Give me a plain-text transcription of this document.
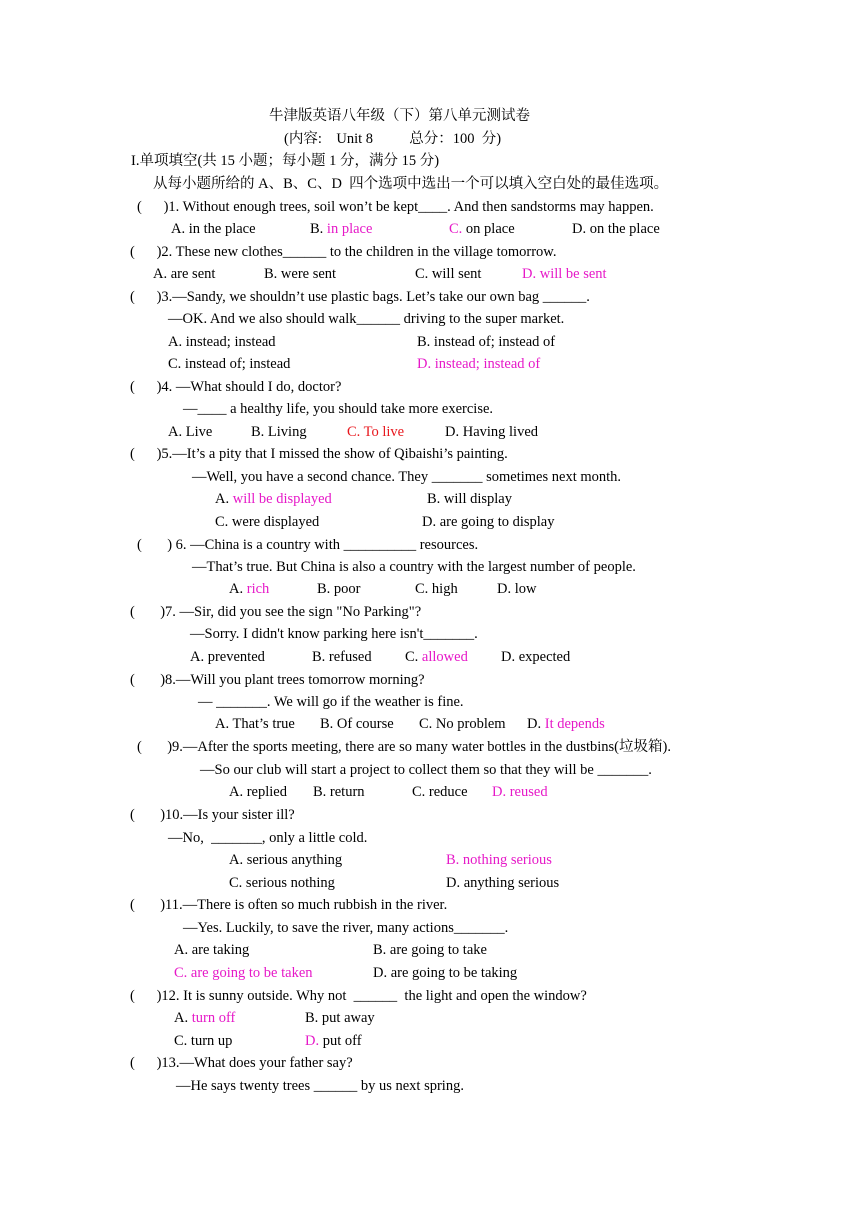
牛津版英语八年级（下）第八单元测试卷
(内容:    Unit 8          总分：100  分)
I.单项填空(共 15 小题；每小题 1 分，满分 15 分)
从每小题所给的 A、B、C、D  四个选项中选出一个可以填入空白处的最佳选项。
(      )1. Without enough trees, soil won’t be kept____. And then sandstorms may happen.
A. in the place	B. in place	C. on place	D. on the place
(      )2. These new clothes______ to the children in the village tomorrow.
A. are sent	B. were sent	C. will sent	D. will be sent
(      )3.—Sandy, we shouldn’t use plastic bags. Let’s take our own bag ______.
—OK. And we also should walk______ driving to the super market.
A. instead; instead	B. instead of; instead of
C. instead of; instead	D. instead; instead of
(      )4. —What should I do, doctor?
—____ a healthy life, you should take more exercise.
A. Live	B. Living	C. To live	D. Having lived
(      )5.—It’s a pity that I missed the show of Qibaishi’s painting.
—Well, you have a second chance. They _______ sometimes next month.
A. will be displayed	B. will display
C. were displayed	D. are going to display
(       ) 6. —China is a country with __________ resources.
—That’s true. But China is also a country with the largest number of people.
A. rich	B. poor	C. high	D. low
(       )7. —Sir, did you see the sign "No Parking"?
—Sorry. I didn't know parking here isn't_______.
A. prevented	B. refused C. allowed D. expected
(       )8.—Will you plant trees tomorrow morning?
— _______. We will go if the weather is fine.
A. That’s true B. Of course C. No problem D. It depends
(       )9.—After the sports meeting, there are so many water bottles in the dustbins(垃圾箱).
—So our club will start a project to collect them so that they will be _______.
A. replied B. return	C. reduce D. reused
(       )10.—Is your sister ill?
—No,  _______, only a little cold.
A. serious anything	B. nothing serious
C. serious nothing	D. anything serious
(       )11.—There is often so much rubbish in the river.
—Yes. Luckily, to save the river, many actions_______.
A. are taking	B. are going to take
C. are going to be taken	D. are going to be taking
(      )12. It is sunny outside. Why not  ______  the light and open the window?
A. turn off	B. put away
C. turn up	D. put off
(      )13.—What does your father say?
—He says twenty trees ______ by us next spring.
